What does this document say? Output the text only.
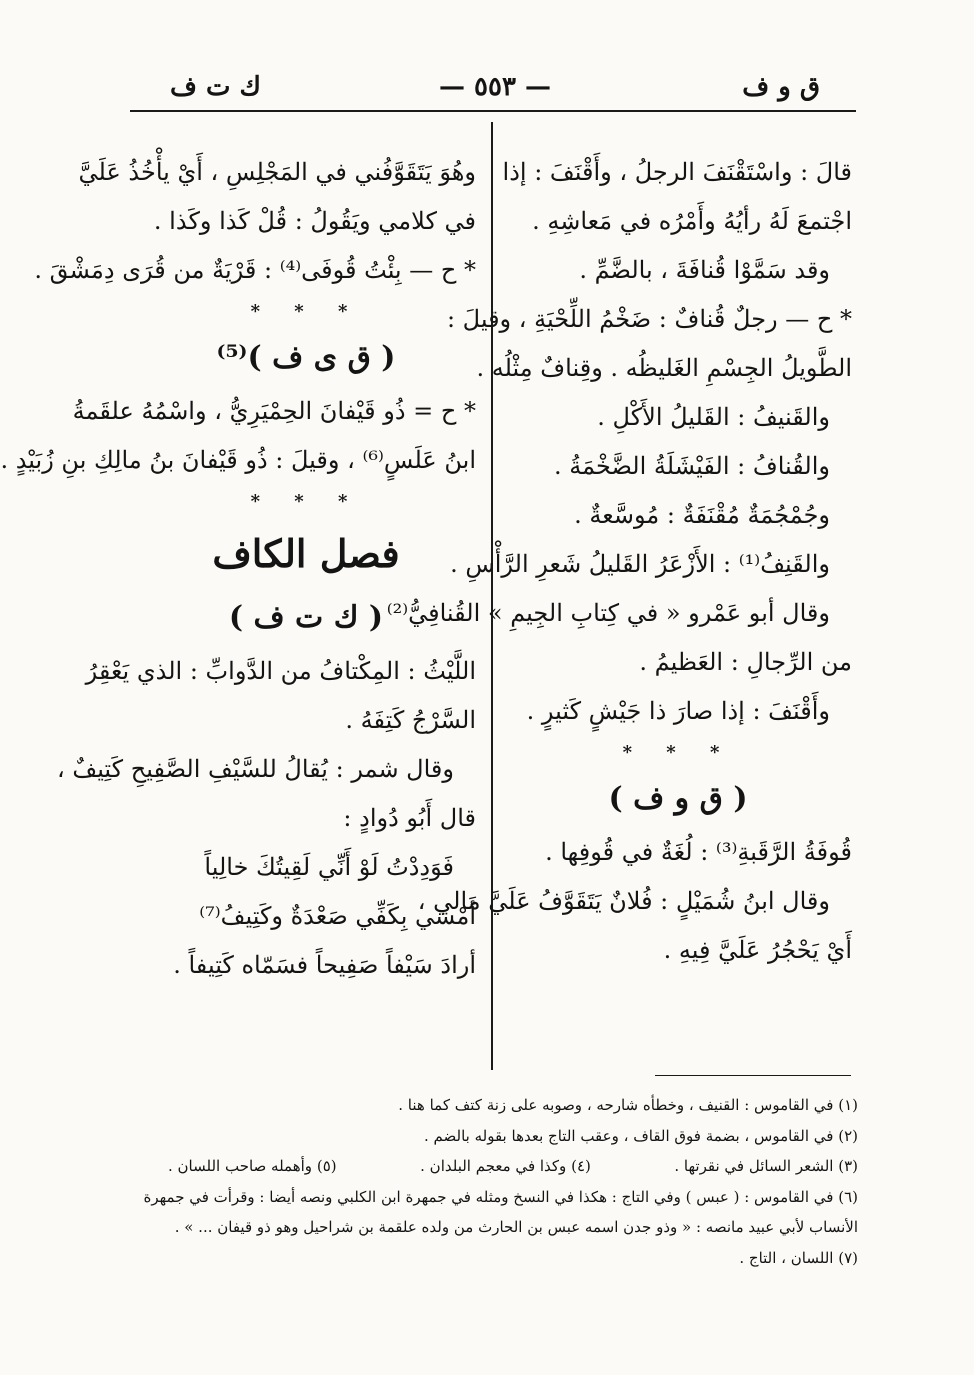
ق و ف
— ٥٥٣ —
ك ت ف

قالَ : واسْتَقْنَفَ الرجلُ ، وأَقْنَفَ : إذا

اجْتمعَ لَهُ رأيُهُ وأَمْرُه في مَعاشِهِ .

وقد سَمَّوْا قُنافَةَ ، بالضَّمِّ .

* ح — رجلٌ قُنافٌ : ضَخْمُ اللِّحْيَةِ ، وقيلَ :

الطَّويلُ الجِسْمِ الغَليظُه . وقِنافٌ مِثْلُه .

والقَنيفُ : القَليلُ الأَكْلِ .

والقُنافُ : الفَيْشَلَةُ الضَّخْمَةُ .

وجُمْجُمَةٌ مُقْنَفَةٌ : مُوسَّعةٌ .

والقَنِفُ⁽¹⁾ : الأَزْعَرُ القَليلُ شَعرِ الرَّأْسِ .

وقال أبو عَمْرو « في كِتابِ الجِيمِ » القُنافِيُّ⁽²⁾

من الرِّجالِ : العَظيمُ .

وأَقْنَفَ : إذا صارَ ذا جَيْشٍ كَثيرٍ .

* * *

( ق و ف )

قُوفَةُ الرَّقَبةِ⁽³⁾ : لُغَةٌ في قُوفِها .

وقال ابنُ شُمَيْلٍ : فُلانٌ يَتَقَوَّفُ عَلَيَّ مالي ،

أَيْ يَحْجُرُ عَلَيَّ فِيهِ .

وهُوَ يَتَقَوَّفُني في المَجْلِسِ ، أَيْ يأْخُذُ عَلَيَّ

في كلامي ويَقُولُ : قُلْ كَذا وكَذا .

* ح — بِئْتُ قُوفَى⁽⁴⁾ : قَرْيَةٌ من قُرَى دِمَشْقَ .

* * *

( ق ى ف )⁽⁵⁾

* ح = ذُو قَيْفانَ الحِمْيَرِيُّ ، واسْمُهُ علقَمةُ

ابنُ عَلَسٍ⁽⁶⁾ ، وقيلَ : ذُو قَيْفانَ بنُ مالِكِ بنِ زُبَيْدٍ .

* * *

فصل الكاف

( ك ت ف )

اللَّيْثُ : المِكْتافُ من الدَّوابِّ : الذي يَعْقِرُ

السَّرْجُ كَتِفَهُ .

وقال شمر : يُقالُ للسَّيْفِ الصَّفِيحِ كَتِيفٌ ،

قال أَبُو دُوادٍ :

فَوَدِدْتُ لَوْ أَنِّي لَقِيتُكَ خالِياً

أَمْشي بِكَفِّي صَعْدَةٌ وكَتِيفُ⁽⁷⁾

أرادَ سَيْفاً صَفِيحاً فسَمّاه كَتِيفاً .

(١) في القاموس : القنيف ، وخطأه شارحه ، وصوبه على زنة كتف كما هنا .

(٢) في القاموس ، بضمة فوق القاف ، وعقب التاج بعدها بقوله بالضم .

(٣) الشعر السائل في نقرتها .
(٤) وكذا في معجم البلدان .
(٥) وأهمله صاحب اللسان .

(٦) في القاموس : ( عبس ) وفي التاج : هكذا في النسخ ومثله في جمهرة ابن الكلبي ونصه أيضا : وقرأت في جمهرة

الأنساب لأبي عبيد مانصه : « وذو جدن اسمه عبس بن الحارث من ولده علقمة بن شراحيل وهو ذو قيفان ... » .

(٧) اللسان ، التاج .
